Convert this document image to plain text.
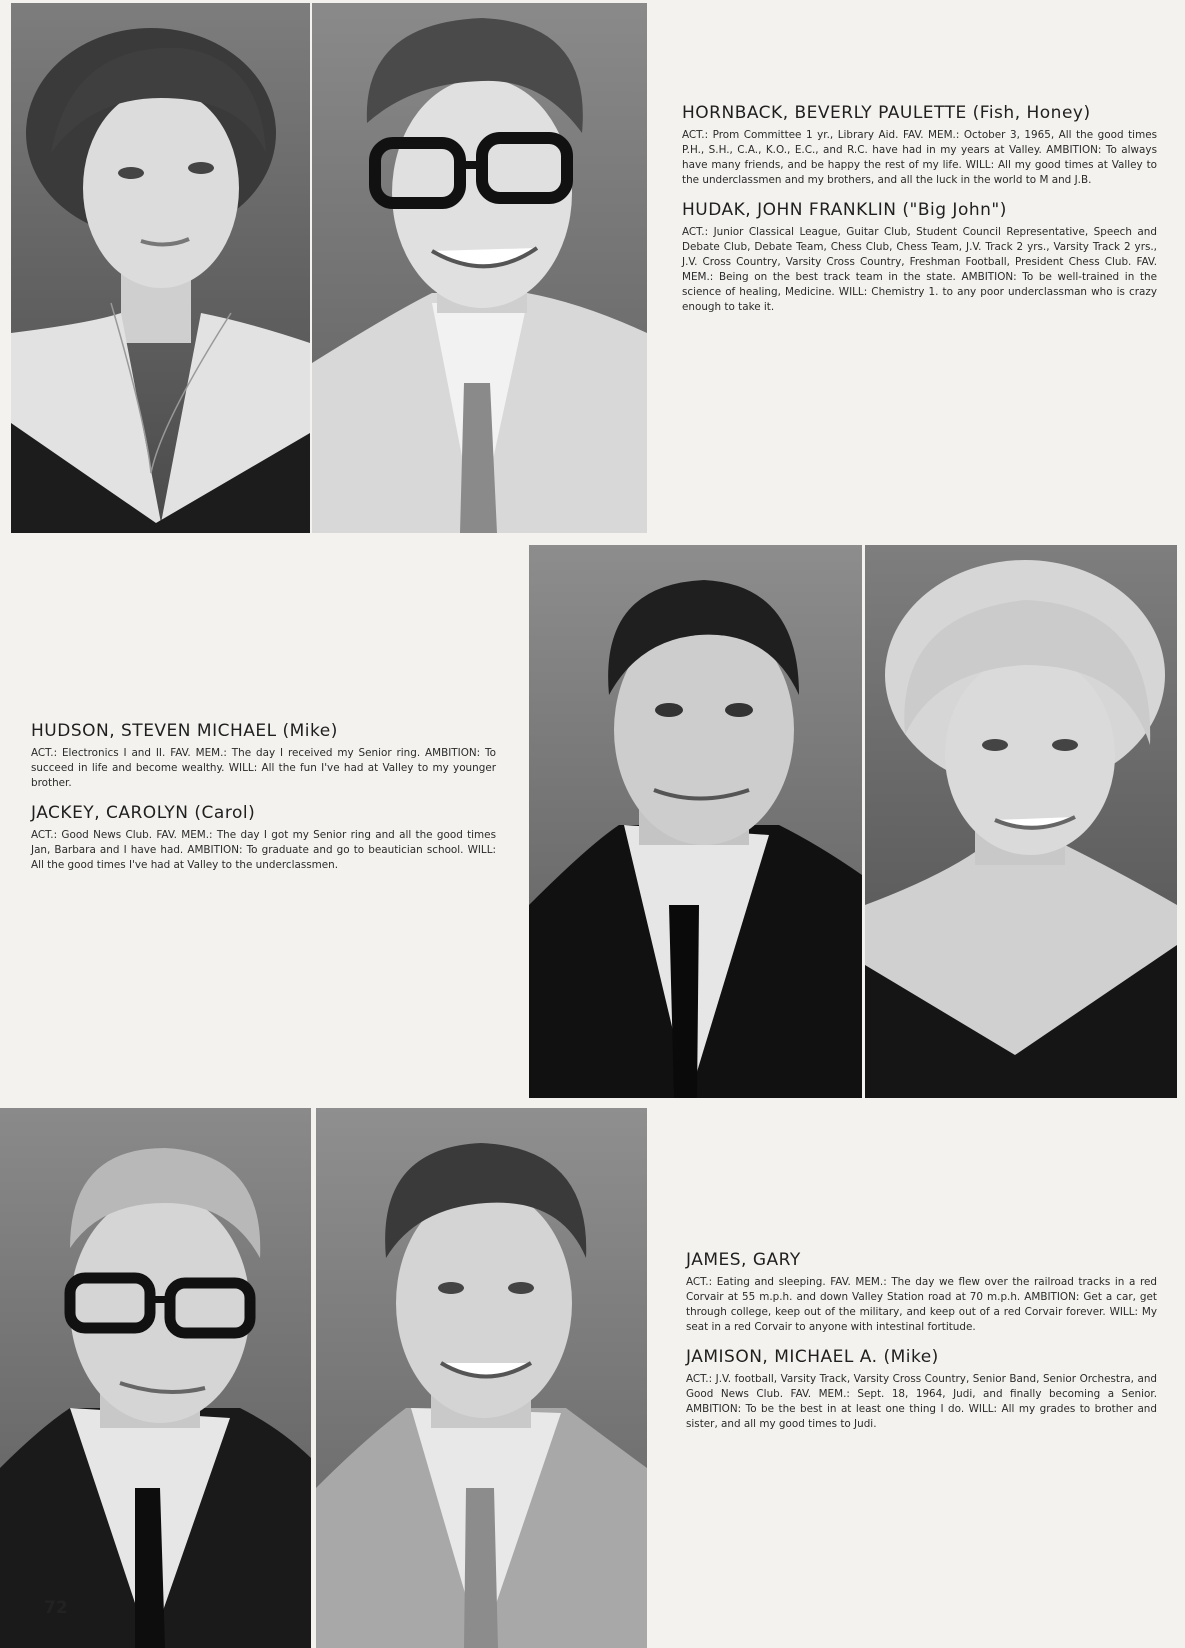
HORNBACK, BEVERLY PAULETTE (Fish, Honey)

ACT.: Prom Committee 1 yr., Library Aid. FAV. MEM.: October 3, 1965, All the good times P.H., S.H., C.A., K.O., E.C., and R.C. have had in my years at Valley. AMBITION: To always have many friends, and be happy the rest of my life. WILL: All my good times at Valley to the underclassmen and my brothers, and all the luck in the world to M and J.B.

HUDAK, JOHN FRANKLIN ("Big John")

ACT.: Junior Classical League, Guitar Club, Student Council Representative, Speech and Debate Club, Debate Team, Chess Club, Chess Team, J.V. Track 2 yrs., Varsity Track 2 yrs., J.V. Cross Country, Varsity Cross Country, Freshman Football, President Chess Club. FAV. MEM.: Being on the best track team in the state. AMBITION: To be well-trained in the science of healing, Medicine. WILL: Chemistry 1. to any poor underclassman who is crazy enough to take it.

HUDSON, STEVEN MICHAEL (Mike)

ACT.: Electronics I and II. FAV. MEM.: The day I received my Senior ring. AMBITION: To succeed in life and become wealthy. WILL: All the fun I've had at Valley to my younger brother.

JACKEY, CAROLYN (Carol)

ACT.: Good News Club. FAV. MEM.: The day I got my Senior ring and all the good times Jan, Barbara and I have had. AMBITION: To graduate and go to beautician school. WILL: All the good times I've had at Valley to the underclassmen.

JAMES, GARY

ACT.: Eating and sleeping. FAV. MEM.: The day we flew over the railroad tracks in a red Corvair at 55 m.p.h. and down Valley Station road at 70 m.p.h. AMBITION: Get a car, get through college, keep out of the military, and keep out of a red Corvair forever. WILL: My seat in a red Corvair to anyone with intestinal fortitude.

JAMISON, MICHAEL A. (Mike)

ACT.: J.V. football, Varsity Track, Varsity Cross Country, Senior Band, Senior Orchestra, and Good News Club. FAV. MEM.: Sept. 18, 1964, Judi, and finally becoming a Senior. AMBITION: To be the best in at least one thing I do. WILL: All my grades to brother and sister, and all my good times to Judi.

72
